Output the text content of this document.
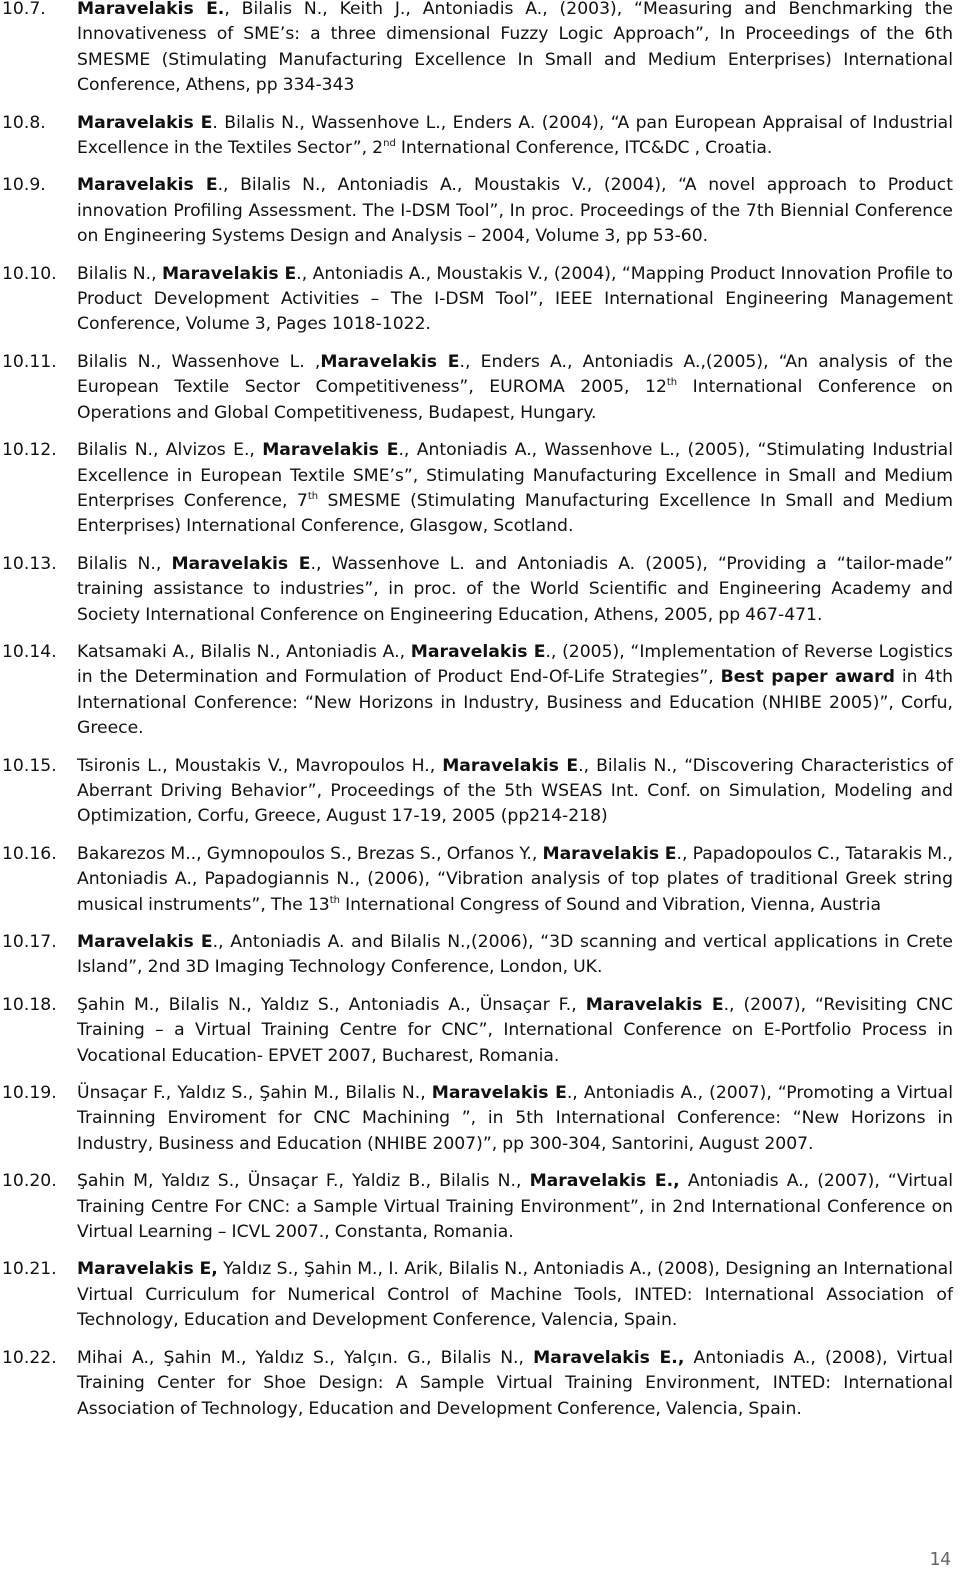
10.7.	Maravelakis E., Bilalis N., Keith J., Antoniadis A., (2003), “Measuring and Benchmarking the Innovativeness of SME’s: a three dimensional Fuzzy Logic Approach”, In Proceedings of the 6th SMESME (Stimulating Manufacturing Excellence In Small and Medium Enterprises) International Conference, Athens, pp 334-343
10.8.	Maravelakis E. Bilalis N., Wassenhove L., Enders A. (2004), “A pan European Appraisal of Industrial Excellence in the Textiles Sector”, 2nd International Conference, ITC&DC , Croatia.
10.9.	Maravelakis E., Bilalis N., Antoniadis A., Moustakis V., (2004), “A novel approach to Product innovation Profiling Assessment. The I-DSM Tool”, In proc. Proceedings of the 7th Biennial Conference on Engineering Systems Design and Analysis – 2004, Volume 3, pp 53-60.
10.10.	Bilalis N., Maravelakis E., Antoniadis A., Moustakis V., (2004), “Mapping Product Innovation Profile to Product Development Activities – The I-DSM Tool”, IEEE International Engineering Management Conference, Volume 3, Pages 1018-1022.
10.11.	Bilalis N., Wassenhove L. ,Maravelakis E., Enders A., Antoniadis A.,(2005), “An analysis of the European Textile Sector Competitiveness”, EUROMA 2005, 12th International Conference on Operations and Global Competitiveness, Budapest, Hungary.
10.12.	Bilalis N., Alvizos E., Maravelakis E., Antoniadis A., Wassenhove L., (2005), “Stimulating Industrial Excellence in European Textile SME’s”, Stimulating Manufacturing Excellence in Small and Medium Enterprises Conference, 7th SMESME (Stimulating Manufacturing Excellence In Small and Medium Enterprises) International Conference, Glasgow, Scotland.
10.13.	Bilalis N., Maravelakis E., Wassenhove L. and Antoniadis A. (2005), “Providing a “tailor-made” training assistance to industries”, in proc. of the World Scientific and Engineering Academy and Society International Conference on Engineering Education, Athens, 2005, pp 467-471.
10.14.	Katsamaki A., Bilalis N., Antoniadis A., Maravelakis E., (2005), “Implementation of Reverse Logistics in the Determination and Formulation of Product End-Of-Life Strategies”, Best paper award in 4th International Conference: “New Horizons in Industry, Business and Education (NHIBE 2005)”, Corfu, Greece.
10.15.	Tsironis L., Moustakis V., Mavropoulos H., Maravelakis E., Bilalis N., “Discovering Characteristics of Aberrant Driving Behavior”, Proceedings of the 5th WSEAS Int. Conf. on Simulation, Modeling and Optimization, Corfu, Greece, August 17-19, 2005 (pp214-218)
10.16.	Bakarezos M.., Gymnopoulos S., Brezas S., Orfanos Y., Maravelakis E., Papadopoulos C., Tatarakis M., Antoniadis A., Papadogiannis N., (2006), “Vibration analysis of top plates of traditional Greek string musical instruments”, The 13th International Congress of Sound and Vibration, Vienna, Austria
10.17.	Maravelakis E., Antoniadis A. and Bilalis N.,(2006), “3D scanning and vertical applications in Crete Island”, 2nd 3D Imaging Technology Conference, London, UK.
10.18.	Şahin M., Bilalis N., Yaldız S., Antoniadis A., Ünsaçar F., Maravelakis E., (2007), “Revisiting CNC Training – a Virtual Training Centre for CNC”, International Conference on E-Portfolio Process in Vocational Education- EPVET 2007, Bucharest, Romania.
10.19.	Ünsaçar F., Yaldız S., Şahin M., Bilalis N., Maravelakis E., Antoniadis A., (2007), “Promoting a Virtual Trainning Enviroment for CNC Machining ”, in 5th International Conference: “New Horizons in Industry, Business and Education (NHIBE 2007)”, pp 300-304, Santorini, August 2007.
10.20.	Şahin M, Yaldız S., Ünsaçar F., Yaldiz B., Bilalis N., Maravelakis E., Antoniadis A., (2007), “Virtual Training Centre For CNC: a Sample Virtual Training Environment”, in 2nd International Conference on Virtual Learning – ICVL 2007., Constanta, Romania.
10.21.	Maravelakis E, Yaldız S., Şahin M., I. Arik, Bilalis N., Antoniadis A., (2008), Designing an International Virtual Curriculum for Numerical Control of Machine Tools, INTED: International Association of Technology, Education and Development Conference, Valencia, Spain.
10.22.	Mihai A., Şahin M., Yaldız S., Yalçın. G., Bilalis N., Maravelakis E., Antoniadis A., (2008), Virtual Training Center for Shoe Design: A Sample Virtual Training Environment, INTED: International Association of Technology, Education and Development Conference, Valencia, Spain.
14
